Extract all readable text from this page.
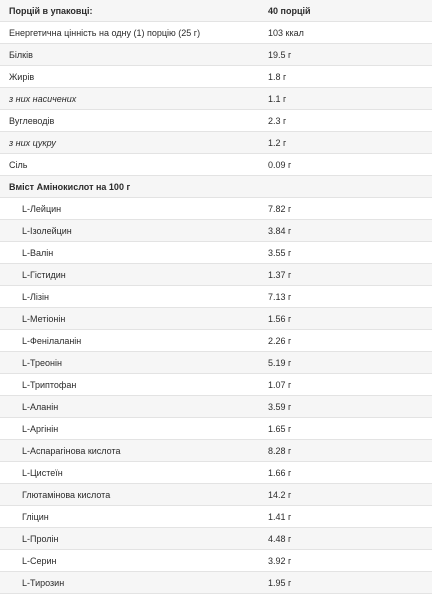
Порцій в упаковці:	40 порцій
Енергетична цінність на одну (1) порцію (25 г)	103 ккал
Білків	19.5 г
Жирів	1.8 г
з них насичених	1.1 г
Вуглеводів	2.3 г
з них цукру	1.2 г
Сіль	0.09 г
Вміст Амінокислот на 100 г	
L-Лейцин	7.82 г
L-Ізолейцин	3.84 г
L-Валін	3.55 г
L-Гістидин	1.37 г
L-Лізін	7.13 г
L-Метіонін	1.56 г
L-Фенілаланін	2.26 г
L-Треонін	5.19 г
L-Триптофан	1.07 г
L-Аланін	3.59 г
L-Аргінін	1.65 г
L-Аспарагінова кислота	8.28 г
L-Цистеїн	1.66 г
Глютамінова кислота	14.2 г
Гліцин	1.41 г
L-Пролін	4.48 г
L-Серин	3.92 г
L-Тирозин	1.95 г
